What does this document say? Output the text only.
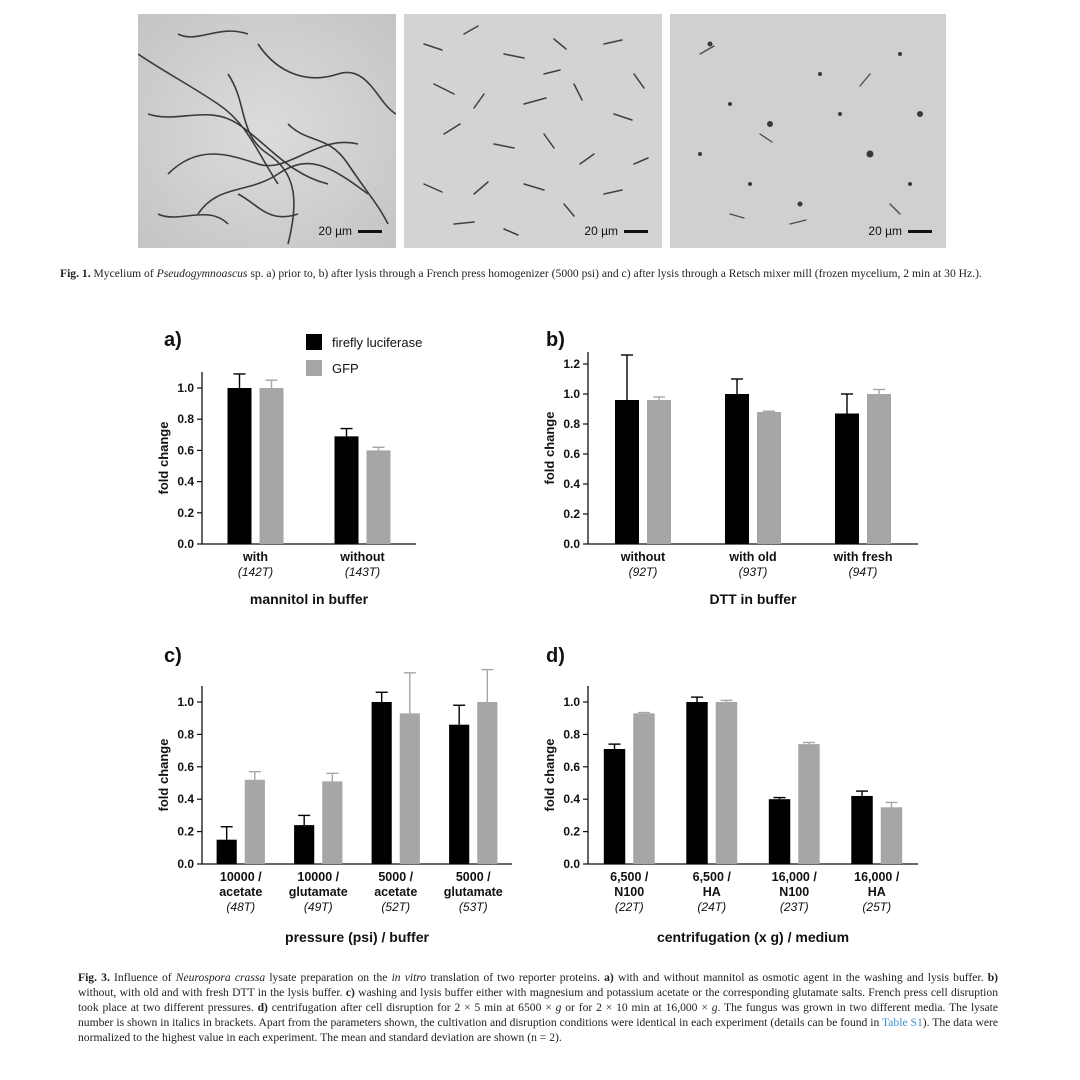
20 µm	20 µm	20 µm
Fig. 1. Mycelium of Pseudogymnoascus sp. a) prior to, b) after lysis through a French press homogenizer (5000 psi) and c) after lysis through a Retsch mixer mill (frozen mycelium, 2 min at 30 Hz.).
a)
0.0
0.2
0.4
0.6
0.8
1.0
fold change
with
(142T)
without
(143T)
mannitol in buffer
firefly luciferase
GFP
b)
0.0
0.2
0.4
0.6
0.8
1.0
1.2
fold change
without
(92T)
with old
(93T)
with fresh
(94T)
DTT in buffer
c)
0.0
0.2
0.4
0.6
0.8
1.0
fold change
10000 /
acetate
(48T)
10000 /
glutamate
(49T)
5000 /
acetate
(52T)
5000 /
glutamate
(53T)
pressure (psi) / buffer
d)
0.0
0.2
0.4
0.6
0.8
1.0
fold change
6,500 /
N100
(22T)
6,500 /
HA
(24T)
16,000 /
N100
(23T)
16,000 /
HA
(25T)
centrifugation (x g) / medium
Fig. 3. Influence of Neurospora crassa lysate preparation on the in vitro translation of two reporter proteins. a) with and without mannitol as osmotic agent in the washing and lysis buffer. b) without, with old and with fresh DTT in the lysis buffer. c) washing and lysis buffer either with magnesium and potassium acetate or the corresponding glutamate salts. French press cell disruption took place at two different pressures. d) centrifugation after cell disruption for 2 × 5 min at 6500 × g or for 2 × 10 min at 16,000 × g. The fungus was grown in two different media. The lysate number is shown in italics in brackets. Apart from the parameters shown, the cultivation and disruption conditions were identical in each experiment (details can be found in Table S1). The data were normalized to the highest value in each experiment. The mean and standard deviation are shown (n = 2).
